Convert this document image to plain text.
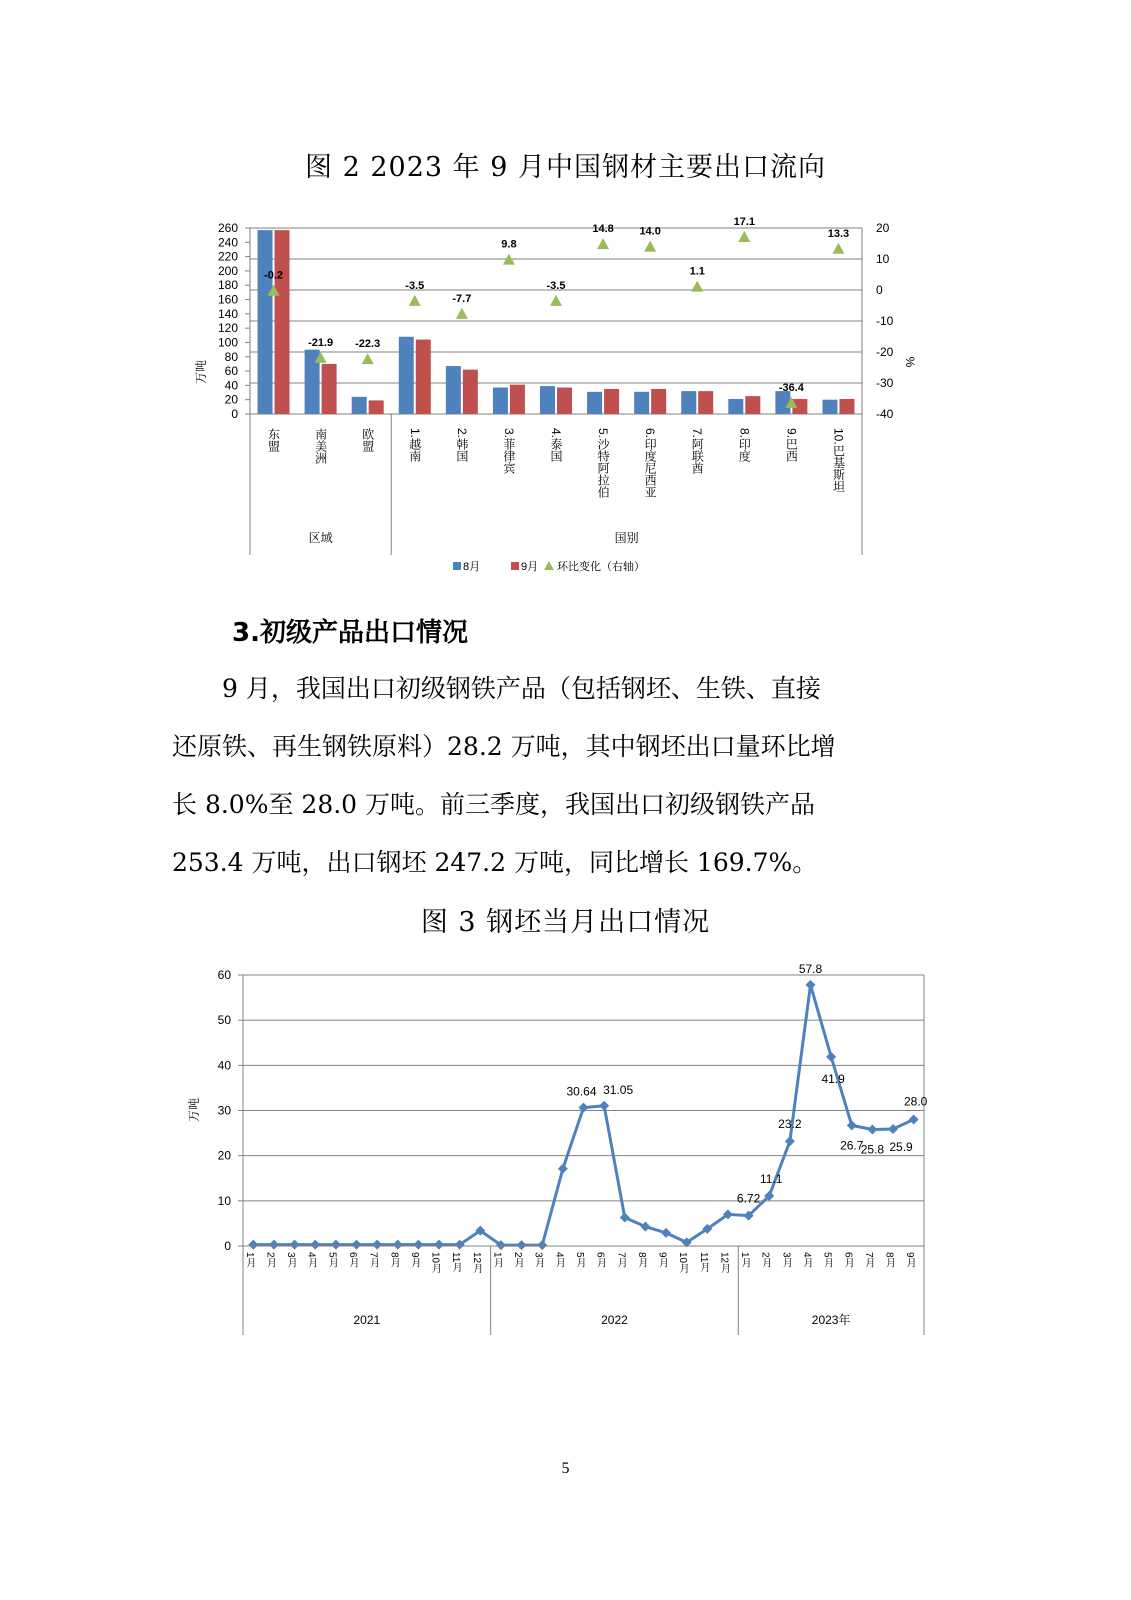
图 2 2023 年 9 月中国钢材主要出口流向
-40
-30
-20
-10
0
10
20
0
20
40
60
80
100
120
140
160
180
200
220
240
260
万吨	%
东盟
-0.2
南美洲
-21.9
欧盟
-22.3
1.越南
-3.5
2.韩国
-7.7
3.菲律宾
9.8
4.泰国
-3.5
5.沙特阿拉伯
14.8
6.印度尼西亚
14.0
7.阿联酋
1.1
8.印度
17.1
9.巴西
-36.4
10.巴基斯坦
13.3
区域	国别
8月	9月 环比变化（右轴）
3.初级产品出口情况
9 月，我国出口初级钢铁产品（包括钢坯、生铁、直接
还原铁、再生钢铁原料）28.2 万吨，其中钢坯出口量环比增
长 8.0%至 28.0 万吨。前三季度，我国出口初级钢铁产品
253.4 万吨，出口钢坯 247.2 万吨，同比增长 169.7%。
图 3 钢坯当月出口情况
0
10
20
30
40
50
60
万吨
1月 2月 3月 4月 5月 6月 7月 8月 9月 10月 11月 12月 1月 2月 3月 4月 5月 6月 7月 8月 9月 10月 11月 12月 1月 2月 3月 4月 5月 6月 7月 8月 9月
30.64 31.05
6.72
11.1
23.2
57.8
41.9
26.7
25.8 25.9
28.0
2021	2022	2023年
5
